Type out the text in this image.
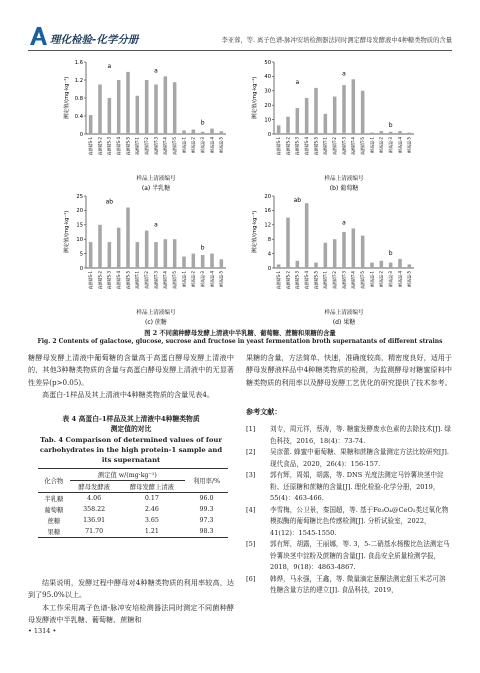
理化检验-化学分册	李亚蓉，等. 离子色谱-脉冲安培检测器法同时测定酵母发酵液中4种糖类物质的含量
测定值/(mg·kg⁻¹)
0
0.4
0.8
1.2
1.6
高酒精S-1 高酒精S-2 高酒精S-3 高酒精S-4 高酒精S-5 高酒精T-1 高酒精T-2 高酒精T-3 高酒精T-4 高酒精T-5 耐高温-1 耐高温-2 耐高温-3 耐高温-4 耐高温-5
a
a
b
样品上清液编号
(a) 半乳糖
测定值/(mg·kg⁻¹)
0
10
20
30
40
50
高酒精S-1 高酒精S-2 高酒精S-3 高酒精S-4 高酒精S-5 高酒精T-1 高酒精T-2 高酒精T-3 高酒精T-4 高酒精T-5 耐高温-1 耐高温-2 耐高温-3 耐高温-4 耐高温-5
a
a
b
样品上清液编号
(b) 葡萄糖
测定值/(mg·kg⁻¹)
0
5
10
15
20
25
高酒精S-1 高酒精S-2 高酒精S-3 高酒精S-4 高酒精S-5 高酒精T-1 高酒精T-2 高酒精T-3 高酒精T-4 高酒精T-5 耐高温-1 耐高温-2 耐高温-3 耐高温-4 耐高温-5
ab
a
b
样品上清液编号
(c) 蔗糖
测定值/(mg·kg⁻¹)
0
4
8
12
16
20
高酒精S-1 高酒精S-2 高酒精S-3 高酒精S-4 高酒精S-5 高酒精T-1 高酒精T-2 高酒精T-3 高酒精T-4 高酒精T-5 耐高温-1 耐高温-2 耐高温-3 耐高温-4 耐高温-5
ab
a
b
样品上清液编号
(d) 果糖
图 2 不同菌种酵母发酵上清液中半乳糖、葡萄糖、蔗糖和果糖的含量
Fig. 2 Contents of galactose, glucose, sucrose and fructose in yeast fermentation broth supernatants of different strains
糖酵母发酵上清液中葡萄糖的含量高于高蛋白酵母发酵上清液中的，其他3种糖类物质的含量与高蛋白酵母发酵上清液中的无显著性差异(p>0.05)。
高蛋白-1样品及其上清液中4种糖类物质的含量见表4。
表 4 高蛋白-1样品及其上清液中4种糖类物质
测定值的对比
Tab. 4 Comparison of determined values of four
carbohydrates in the high protein-1 sample and
its supernatant
化合物	测定值 w/(mg·kg⁻¹)		利用率/%
	酵母发酵液	酵母发酵上清液	
半乳糖	4.06	0.17	96.0
葡萄糖	358.22	2.46	99.3
蔗糖	136.91	3.65	97.3
果糖	71.70	1.21	98.3
结果说明，发酵过程中酵母对4种糖类物质的利用率较高，达到了95.0%以上。
本工作采用离子色谱-脉冲安培检测器法同时测定不同菌种酵母发酵液中半乳糖、葡萄糖、蔗糖和
果糖的含量，方法简单、快速，准确度较高，精密度良好，适用于酵母发酵液样品中4种糖类物质的检测，为监测酵母对糖蜜原料中糖类物质的利用率以及酵母发酵工艺优化的研究提供了技术参考。
参考文献：
[1] 刘专，周元祥，蔡涛，等. 糖蜜发酵废水色素的去除技术[J]. 绿色科技，2016，18(4)：73-74.
[2] 吴彦蕾. 蜂蜜中葡萄糖、果糖和蔗糖含量测定方法比较研究[J]. 现代食品，2020，26(4)：156-157.
[3] 郭有辉，周娟，胡露，等. DNS 光度法测定马铃薯块茎中淀粉、还原糖和蔗糖的含量[J]. 理化检验-化学分册，2019，55(4)：463-466.
[4] 李雪梅，公卫景，秦国超，等. 基于Fe₃O₄@CeO₂类过氧化物模拟酶的葡萄糖比色传感检测[J]. 分析试验室，2022，41(12)：1545-1550.
[5] 郭有辉，胡露，王丽娜，等. 3，5-二硝基水杨酸比色法测定马铃薯块茎中淀粉及蔗糖的含量[J]. 食品安全质量检测学报，2018，9(18)：4863-4867.
[6] 韩烨，马永强，王鑫，等. 微量滴定葱酮法测定甜玉米芯可溶性糖含量方法的建立[J]. 食品科技，2019，
• 1314 •
